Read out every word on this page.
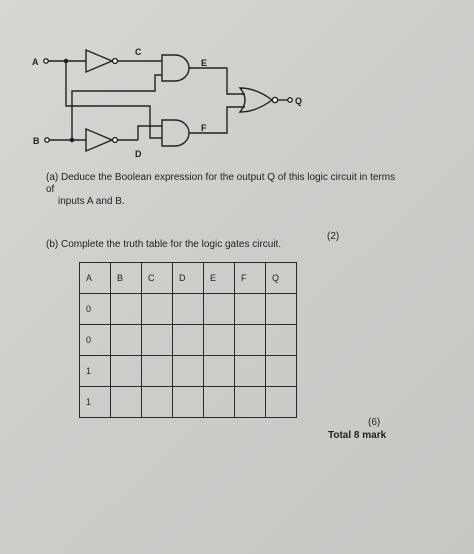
A
B
C
D
E
F
Q
(a) Deduce the Boolean expression for the output Q of this logic circuit in terms of
inputs A and B.
(2)
(b) Complete the truth table for the logic gates circuit.
A	B	C	D	E	F	Q
0						
0						
1						
1						
(6)
Total 8 mark
